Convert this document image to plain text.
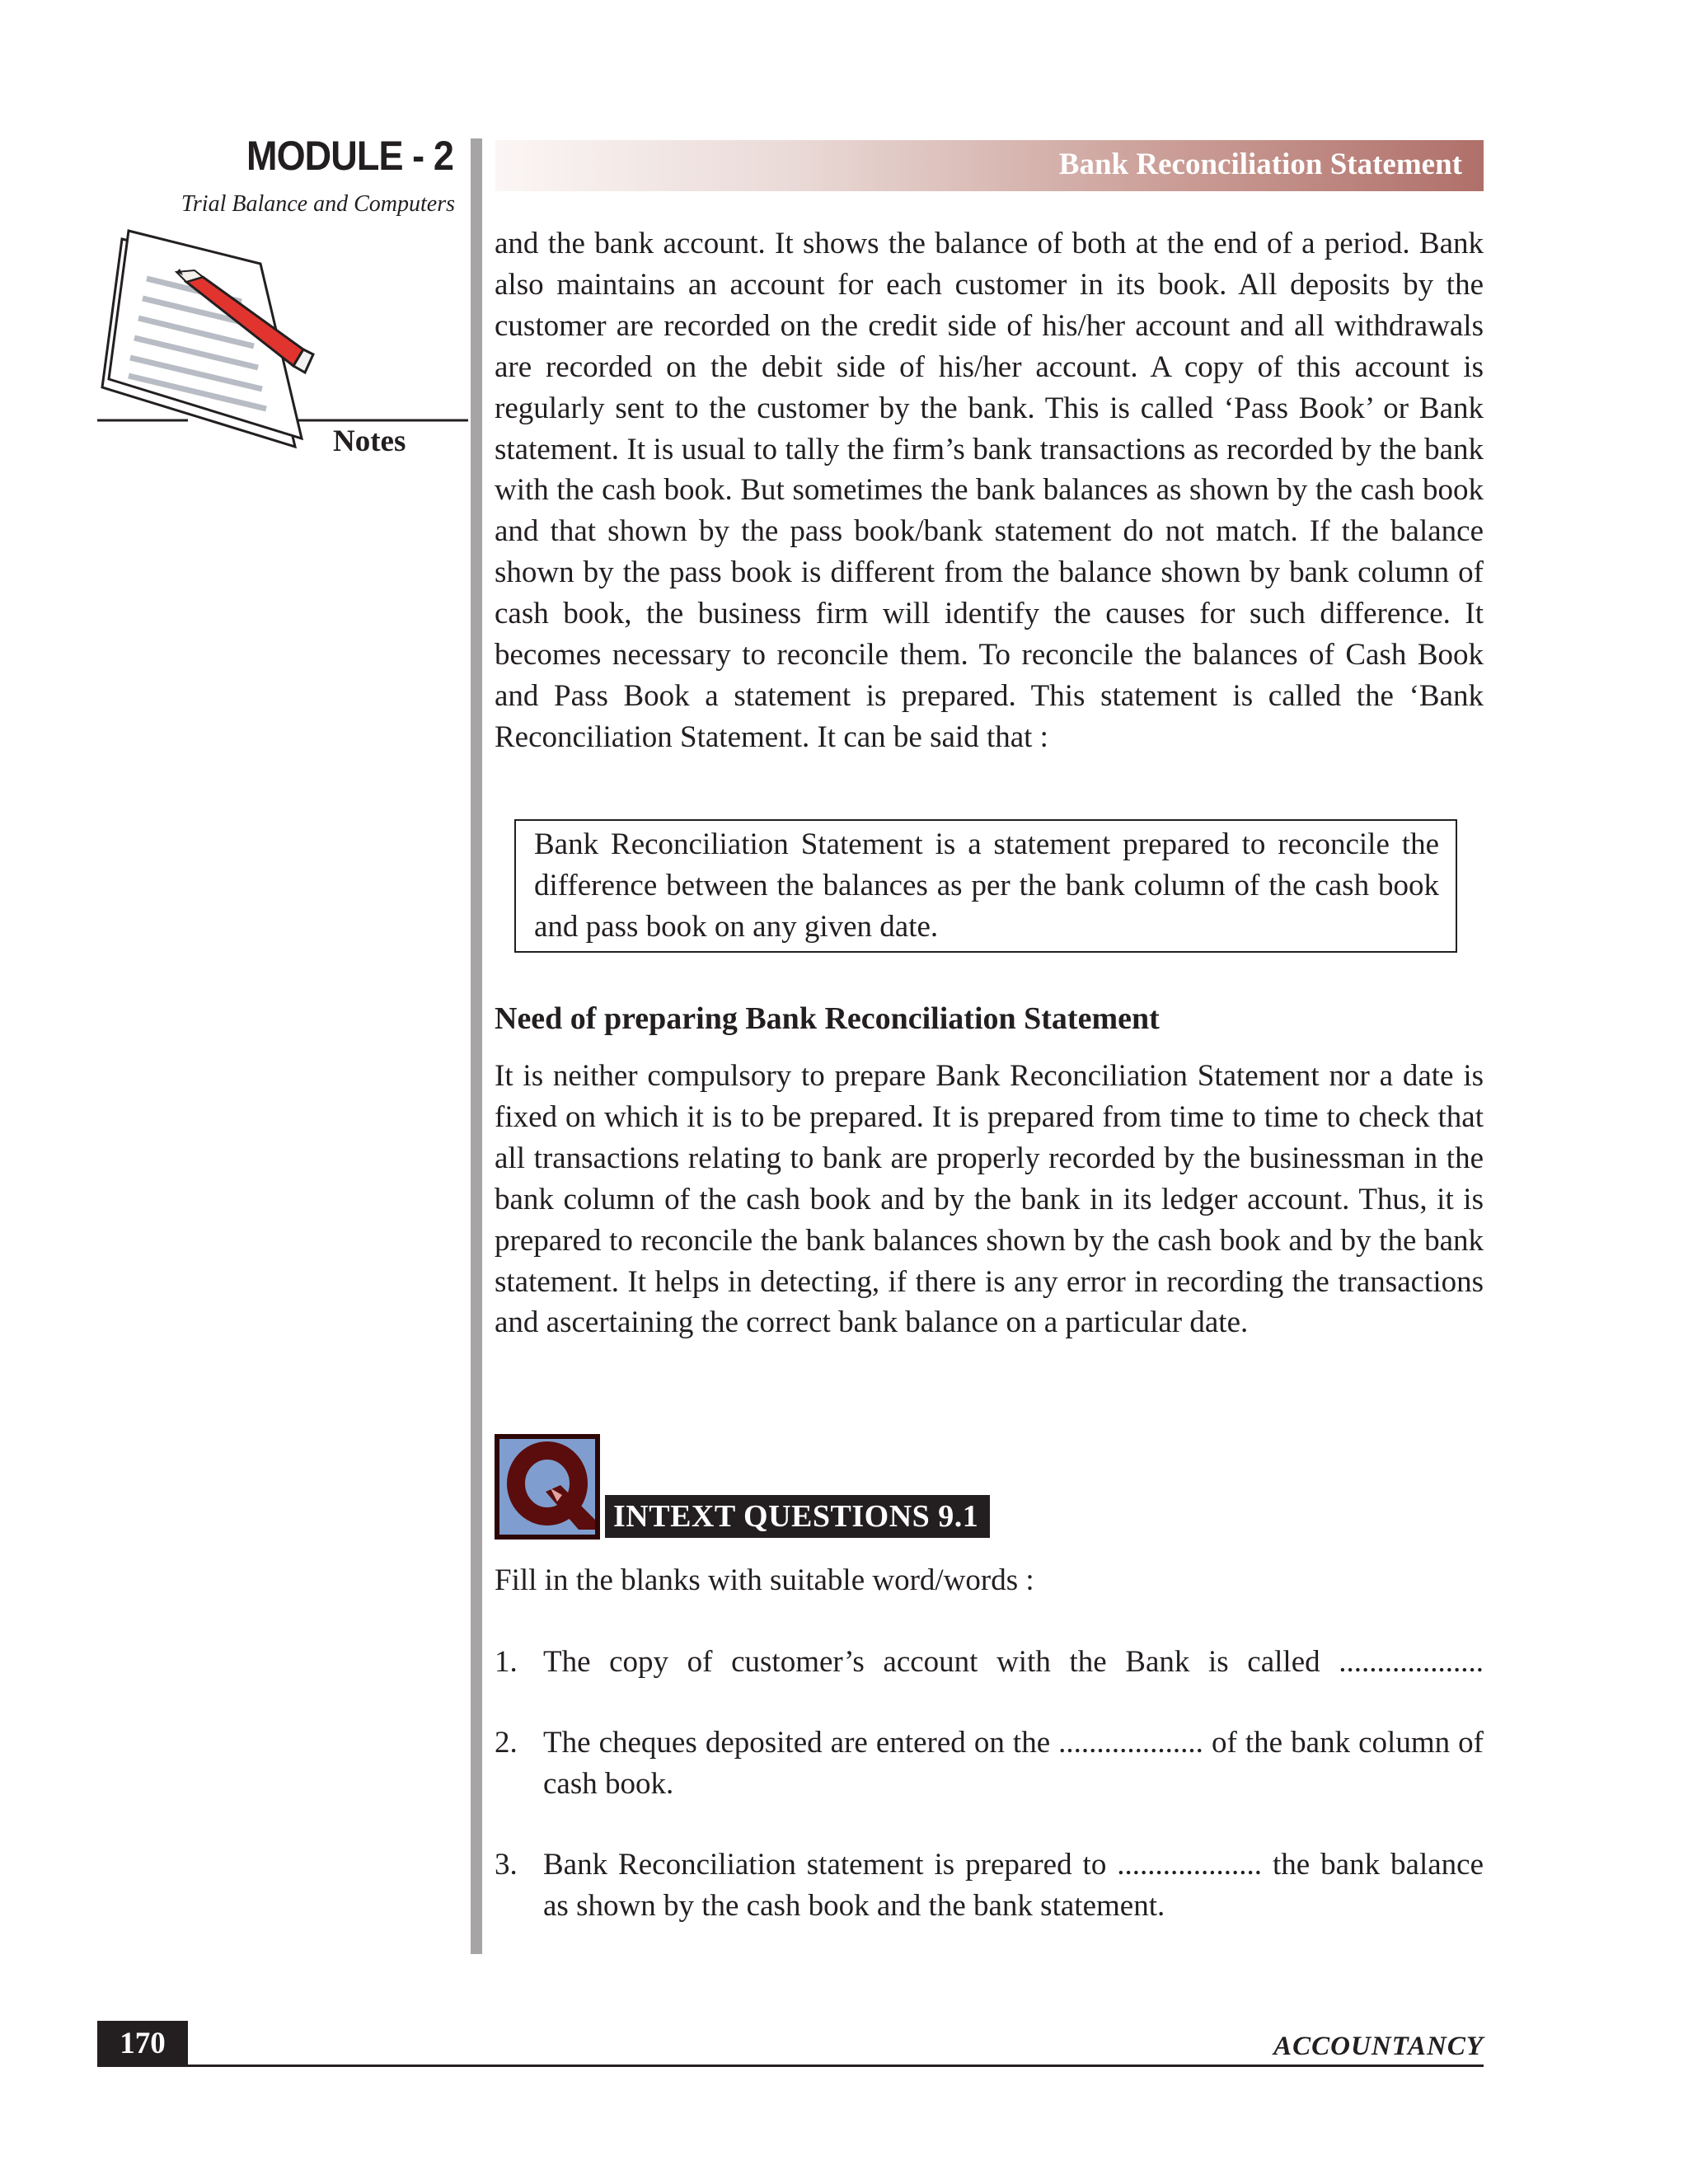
MODULE - 2
Trial Balance and Computers
Notes
Bank Reconciliation Statement

and the bank account. It shows the balance of both at the end of a period. Bank also maintains an account for each customer in its book. All deposits by the customer are recorded on the credit side of his/her account and all withdrawals are recorded on the debit side of his/her account. A copy of this account is regularly sent to the customer by the bank. This is called ‘Pass Book’ or Bank statement. It is usual to tally the firm’s bank transactions as recorded by the bank with the cash book. But sometimes the bank balances as shown by the cash book and that shown by the pass book/bank statement do not match. If the balance shown by the pass book is different from the balance shown by bank column of cash book, the business firm will identify the causes for such difference. It becomes necessary to reconcile them. To reconcile the balances of Cash Book and Pass Book a statement is prepared. This statement is called the ‘Bank Reconciliation Statement. It can be said that :

Bank Reconciliation Statement is a statement prepared to reconcile the difference between the balances as per the bank column of the cash book and pass book on any given date.

Need of preparing Bank Reconciliation Statement

It is neither compulsory to prepare Bank Reconciliation Statement nor a date is fixed on which it is to be prepared. It is prepared from time to time to check that all transactions relating to bank are properly recorded by the businessman in the bank column of the cash book and by the bank in its ledger account. Thus, it is prepared to reconcile the bank balances shown by the cash book and by the bank statement. It helps in detecting, if there is any error in recording the transactions and ascertaining the correct bank balance on a particular date.

INTEXT QUESTIONS 9.1

Fill in the blanks with suitable word/words :

1. The copy of customer’s account with the Bank is called ...................
2. The cheques deposited are entered on the ................... of the bank column of cash book.
3. Bank Reconciliation statement is prepared to ................... the bank balance as shown by the cash book and the bank statement.
170	ACCOUNTANCY
